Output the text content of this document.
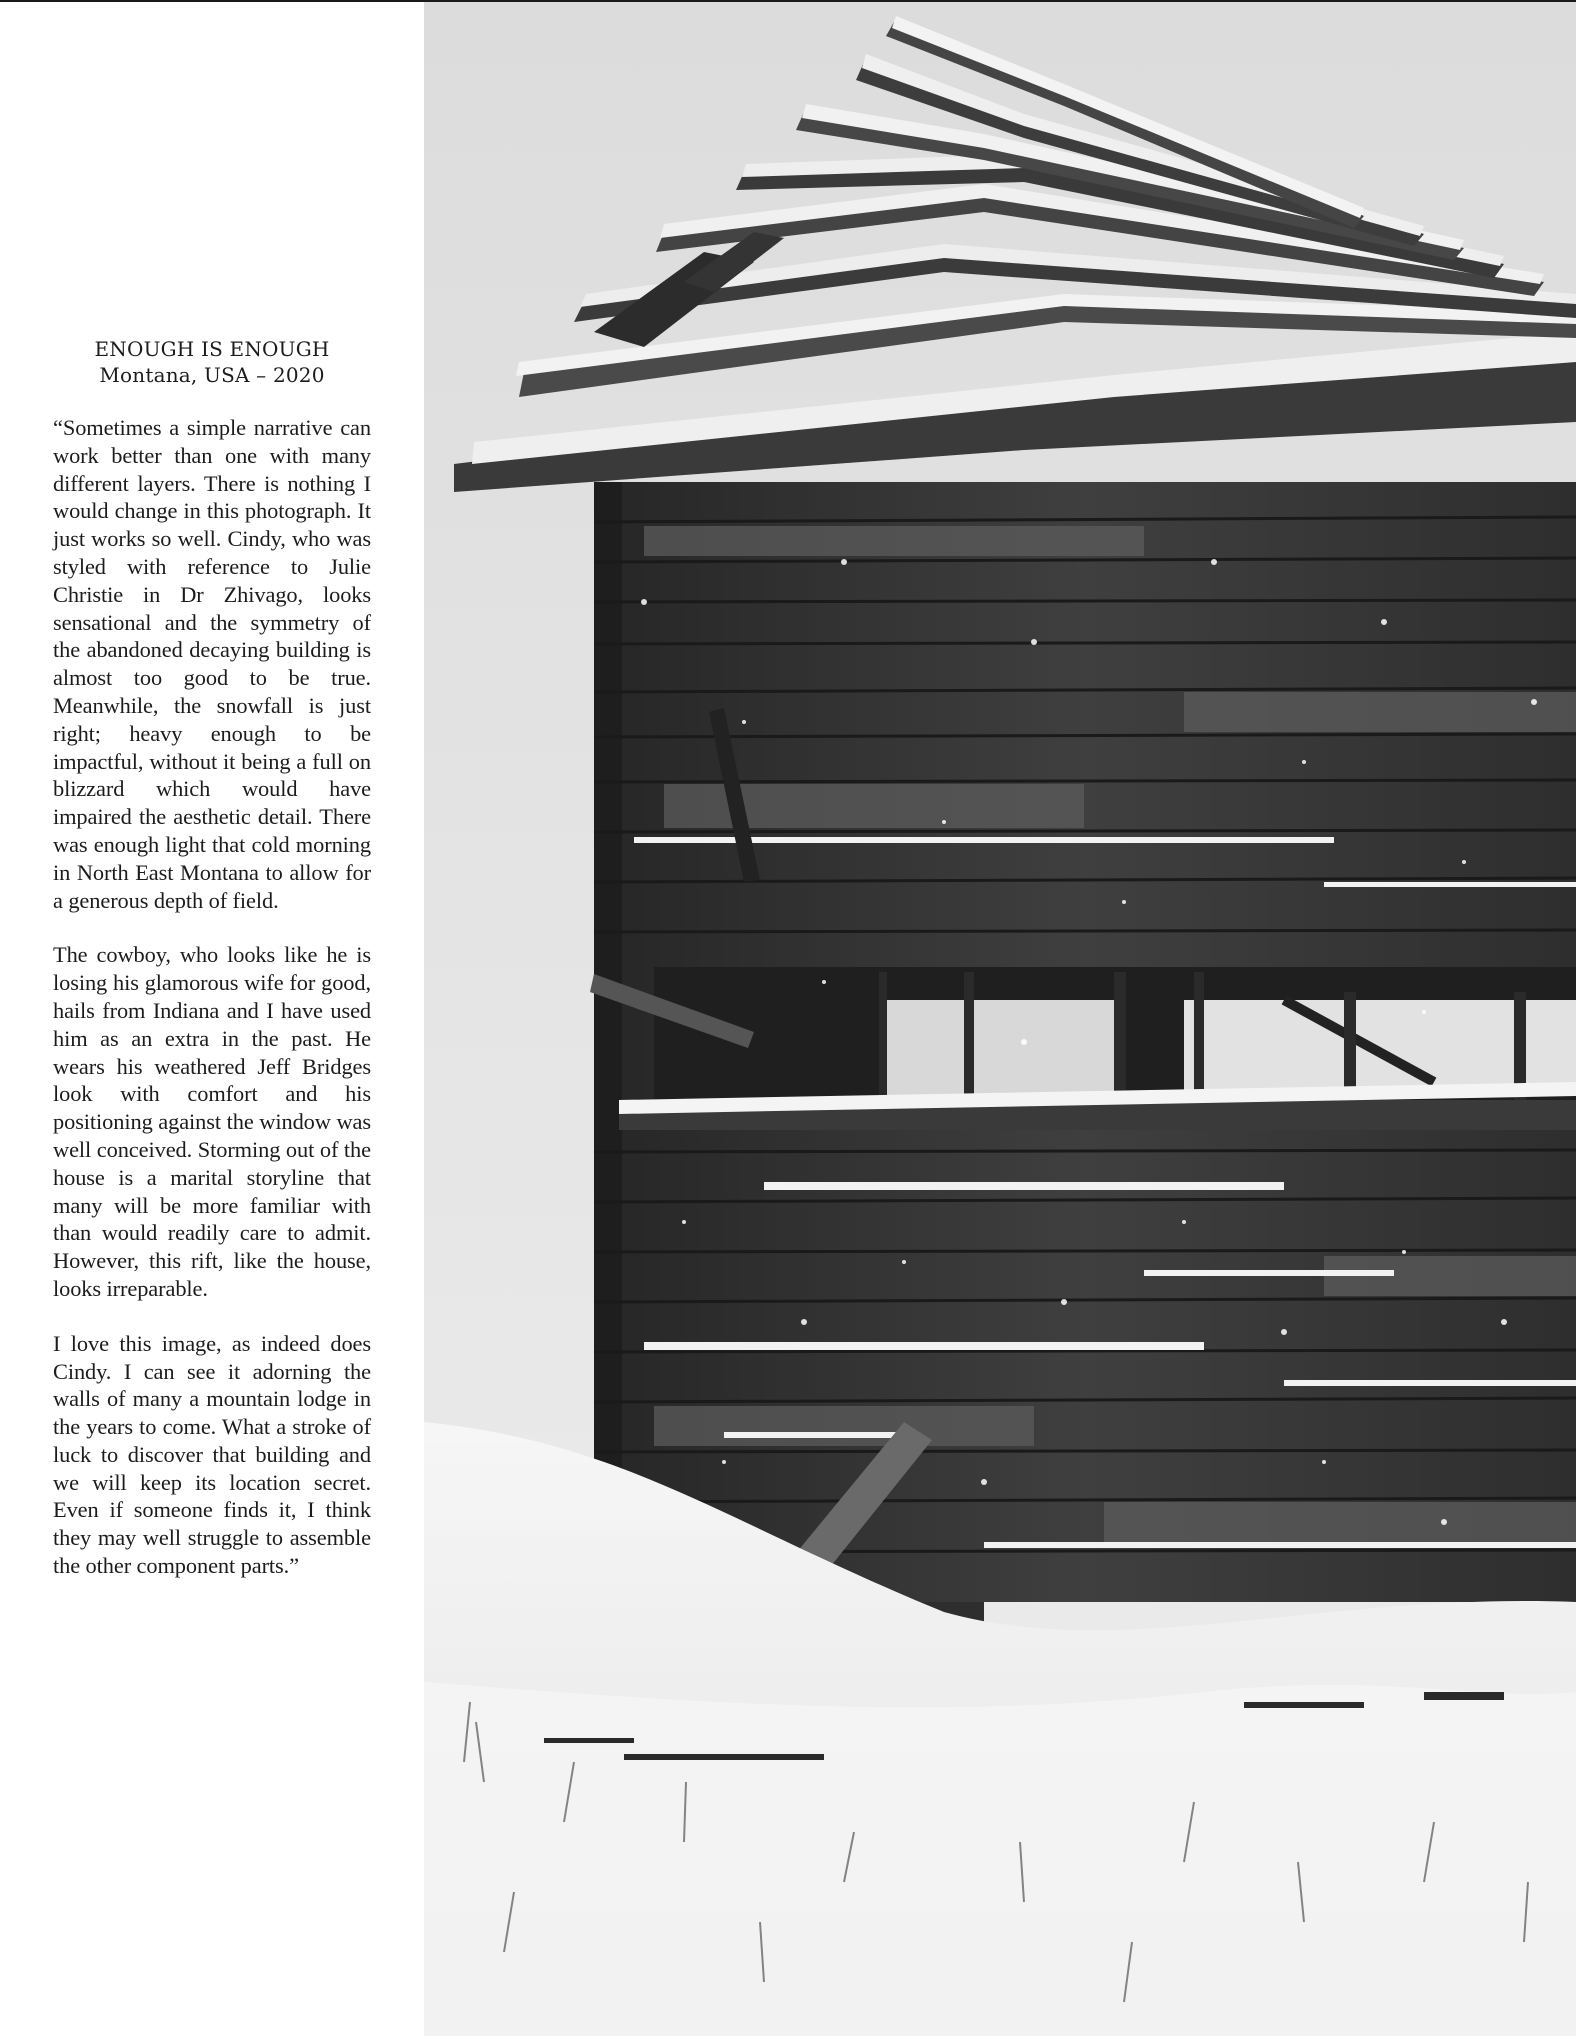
ENOUGH IS ENOUGH
Montana, USA – 2020

“Sometimes a simple narrative can work better than one with many different layers. There is nothing I would change in this photograph. It just works so well. Cindy, who was styled with reference to Julie Christie in Dr Zhivago, looks sensational and the symmetry of the abandoned decaying building is almost too good to be true. Meanwhile, the snowfall is just right; heavy enough to be impactful, without it being a full on blizzard which would have impaired the aesthetic detail. There was enough light that cold morning in North East Montana to allow for a generous depth of field.

The cowboy, who looks like he is losing his glamorous wife for good, hails from Indiana and I have used him as an extra in the past. He wears his weathered Jeff Bridges look with comfort and his positioning against the window was well conceived. Storming out of the house is a marital storyline that many will be more familiar with than would readily care to admit. However, this rift, like the house, looks irreparable.

I love this image, as indeed does Cindy. I can see it adorning the walls of many a mountain lodge in the years to come. What a stroke of luck to discover that building and we will keep its location secret. Even if someone finds it, I think they may well struggle to assemble the other component parts.”
